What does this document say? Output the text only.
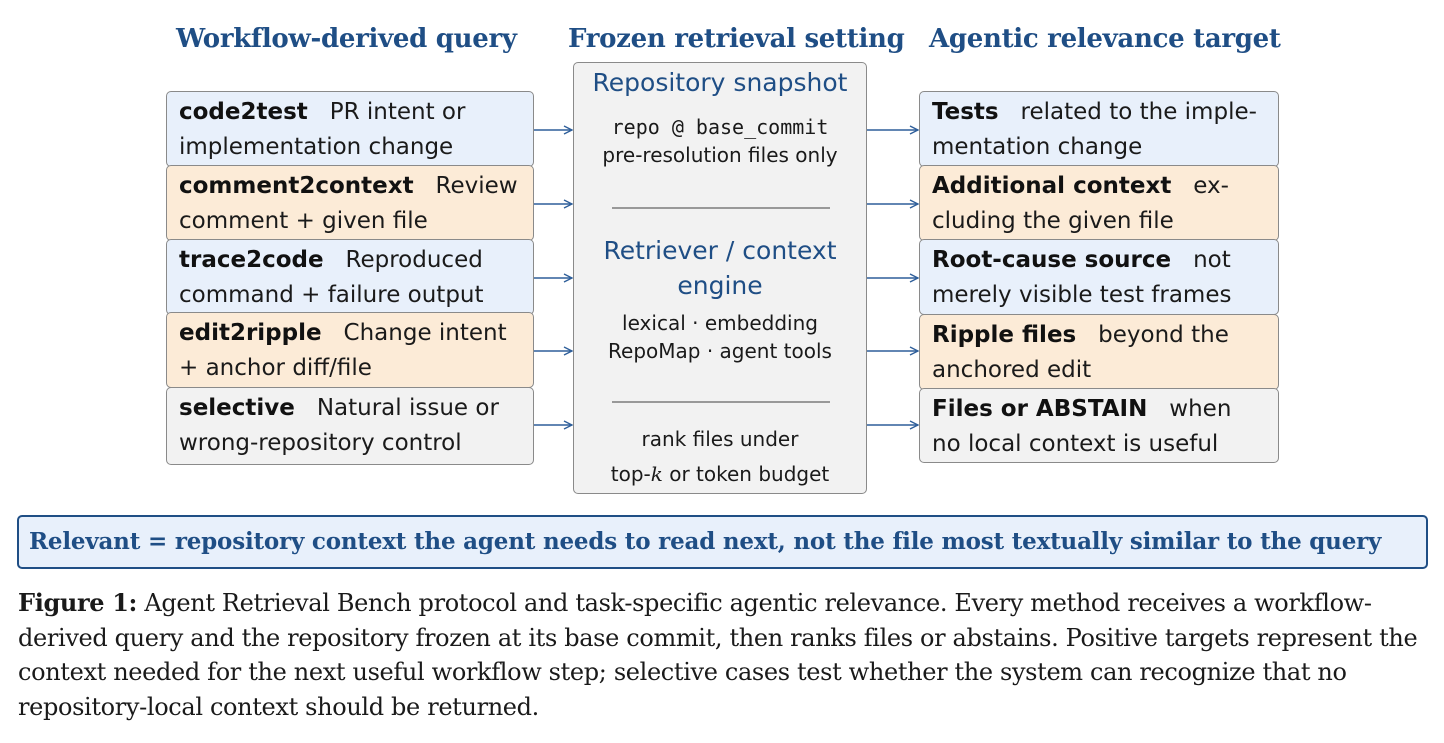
Workflow-derived query Frozen retrieval setting Agentic relevance target
code2test PR intent or
implementation change
comment2context Review
comment + given file
trace2code Reproduced
command + failure output
edit2ripple Change intent
+ anchor diff/file
selective Natural issue or
wrong-repository control
Repository snapshot
repo @ base_commit
pre-resolution files only
Retriever / context
engine
lexical · embedding
RepoMap · agent tools
rank files under
top-k or token budget
Tests related to the imple-
mentation change
Additional context ex-
cluding the given file
Root-cause source not
merely visible test frames
Ripple files beyond the
anchored edit
Files or ABSTAIN when
no local context is useful
Relevant = repository context the agent needs to read next, not the file most textually similar to the query
Figure 1: Agent Retrieval Bench protocol and task-specific agentic relevance. Every method receives a workflow-derived query and the repository frozen at its base commit, then ranks files or abstains. Positive targets represent the context needed for the next useful workflow step; selective cases test whether the system can recognize that no repository-local context should be returned.
